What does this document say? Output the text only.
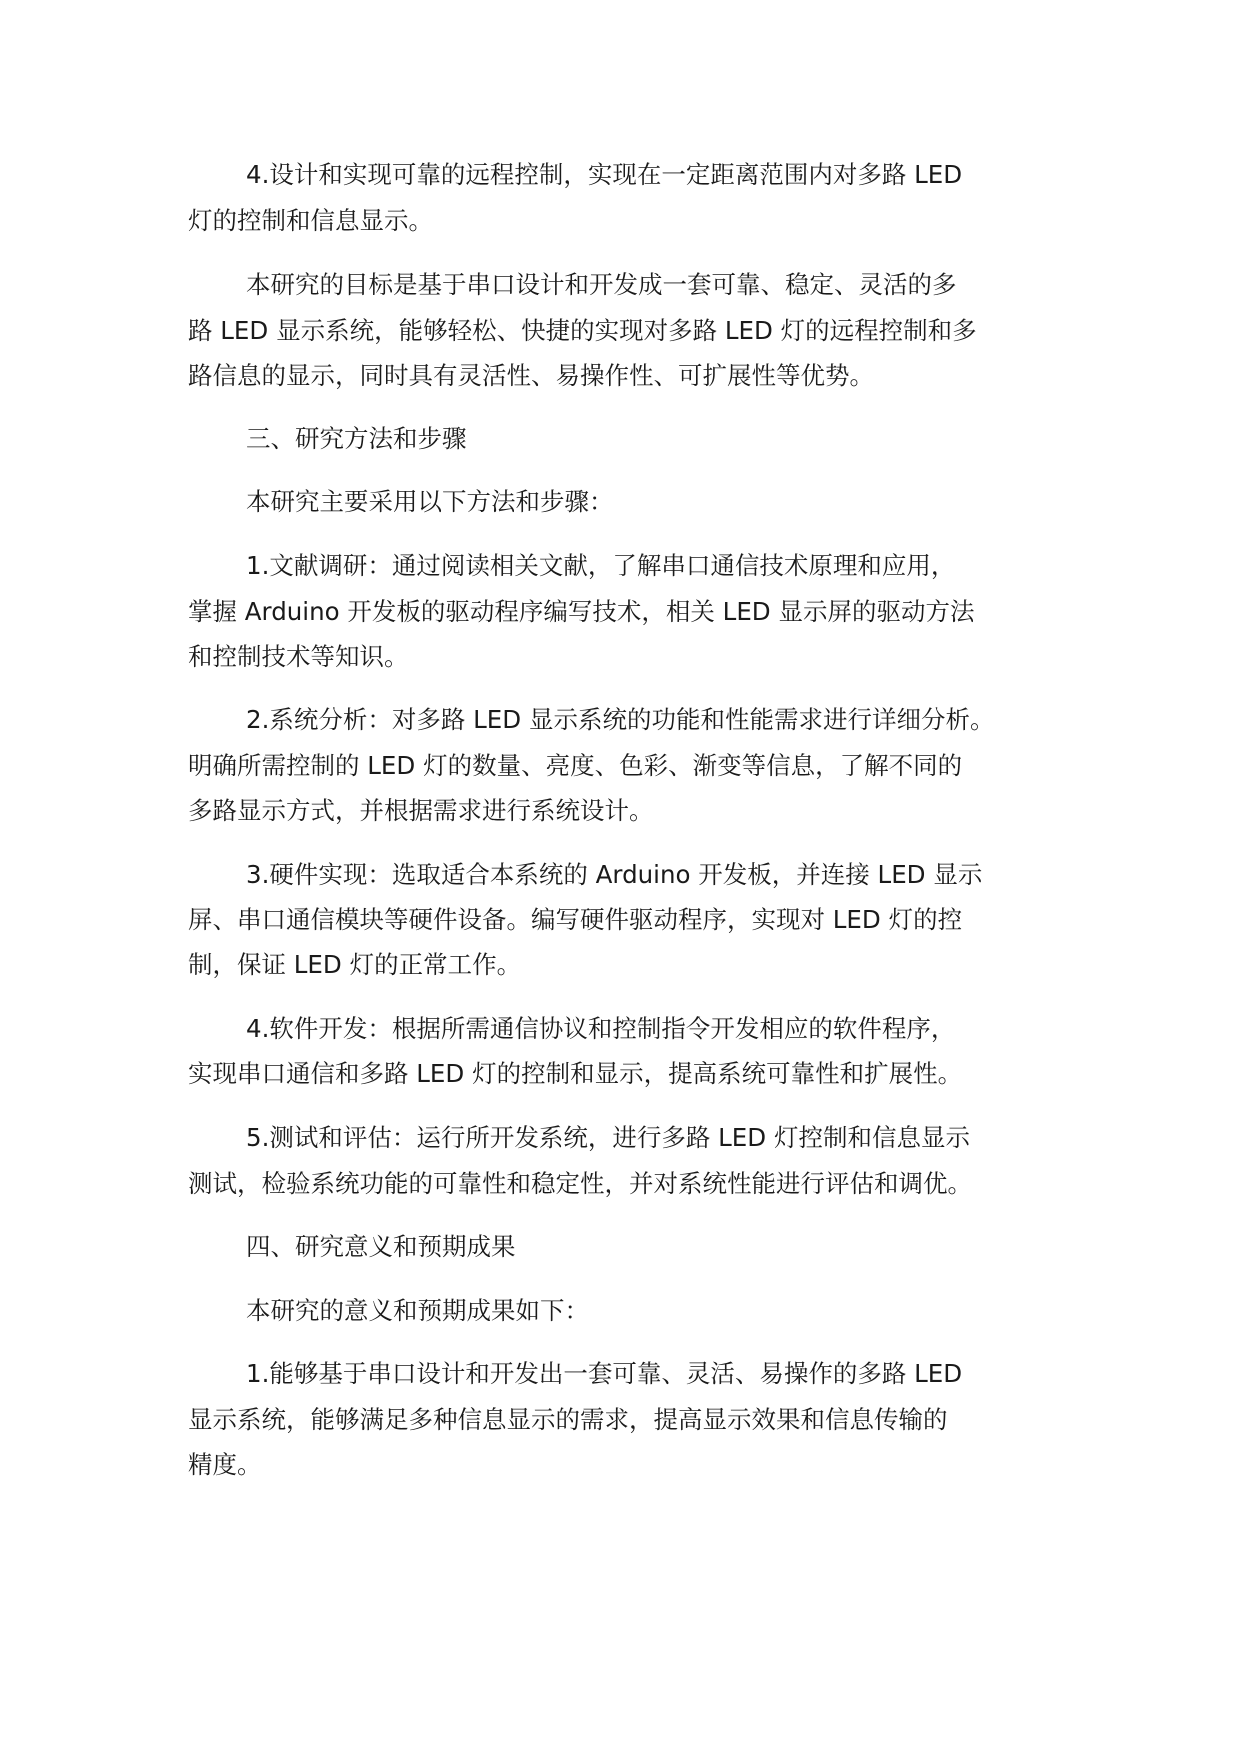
4.设计和实现可靠的远程控制，实现在一定距离范围内对多路 LED
灯的控制和信息显示。
本研究的目标是基于串口设计和开发成一套可靠、稳定、灵活的多
路 LED 显示系统，能够轻松、快捷的实现对多路 LED 灯的远程控制和多
路信息的显示，同时具有灵活性、易操作性、可扩展性等优势。
三、研究方法和步骤
本研究主要采用以下方法和步骤：
1.文献调研：通过阅读相关文献，了解串口通信技术原理和应用，
掌握 Arduino 开发板的驱动程序编写技术，相关 LED 显示屏的驱动方法
和控制技术等知识。
2.系统分析：对多路 LED 显示系统的功能和性能需求进行详细分析。
明确所需控制的 LED 灯的数量、亮度、色彩、渐变等信息，了解不同的
多路显示方式，并根据需求进行系统设计。
3.硬件实现：选取适合本系统的 Arduino 开发板，并连接 LED 显示
屏、串口通信模块等硬件设备。编写硬件驱动程序，实现对 LED 灯的控
制，保证 LED 灯的正常工作。
4.软件开发：根据所需通信协议和控制指令开发相应的软件程序，
实现串口通信和多路 LED 灯的控制和显示，提高系统可靠性和扩展性。
5.测试和评估：运行所开发系统，进行多路 LED 灯控制和信息显示
测试，检验系统功能的可靠性和稳定性，并对系统性能进行评估和调优。
四、研究意义和预期成果
本研究的意义和预期成果如下：
1.能够基于串口设计和开发出一套可靠、灵活、易操作的多路 LED
显示系统，能够满足多种信息显示的需求，提高显示效果和信息传输的
精度。
